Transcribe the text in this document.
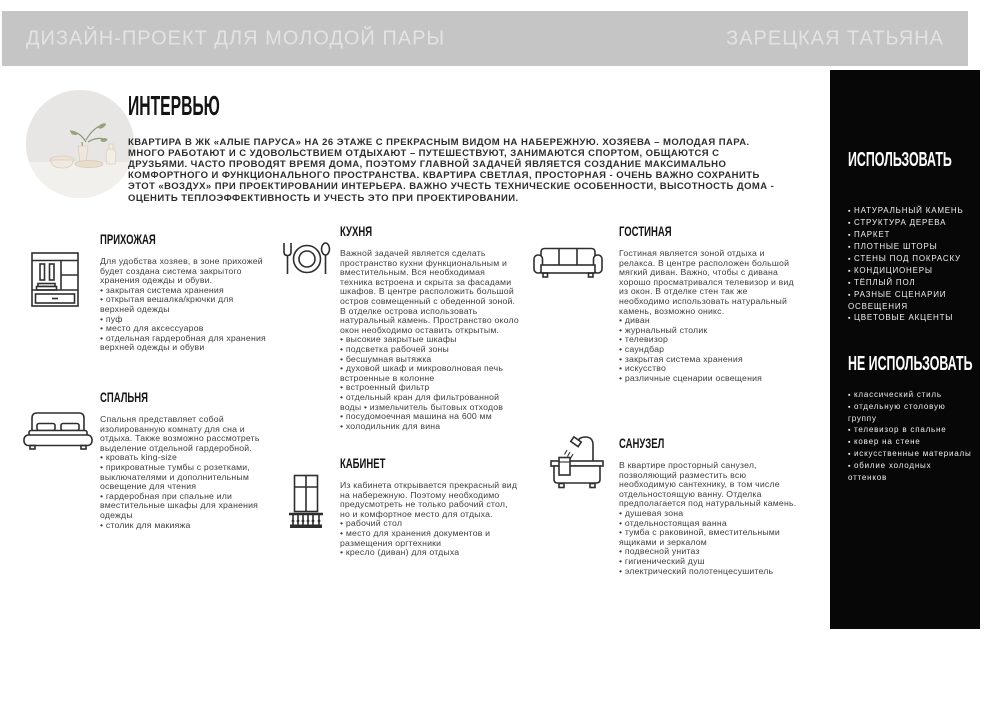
ДИЗАЙН-ПРОЕКТ ДЛЯ МОЛОДОЙ ПАРЫ	ЗАРЕЦКАЯ ТАТЬЯНА
ИНТЕРВЬЮ

КВАРТИРА В ЖК «АЛЫЕ ПАРУСА» НА 26 ЭТАЖЕ С ПРЕКРАСНЫМ ВИДОМ НА НАБЕРЕЖНУЮ. ХОЗЯЕВА – МОЛОДАЯ ПАРА. МНОГО РАБОТАЮТ И С УДОВОЛЬСТВИЕМ ОТДЫХАЮТ – ПУТЕШЕСТВУЮТ, ЗАНИМАЮТСЯ СПОРТОМ, ОБЩАЮТСЯ С ДРУЗЬЯМИ. ЧАСТО ПРОВОДЯТ ВРЕМЯ ДОМА, ПОЭТОМУ ГЛАВНОЙ ЗАДАЧЕЙ ЯВЛЯЕТСЯ СОЗДАНИЕ МАКСИМАЛЬНО КОМФОРТНОГО И ФУНКЦИОНАЛЬНОГО ПРОСТРАНСТВА. КВАРТИРА СВЕТЛАЯ, ПРОСТОРНАЯ - ОЧЕНЬ ВАЖНО СОХРАНИТЬ ЭТОТ «ВОЗДУХ» ПРИ ПРОЕКТИРОВАНИИ ИНТЕРЬЕРА. ВАЖНО УЧЕСТЬ ТЕХНИЧЕСКИЕ ОСОБЕННОСТИ, ВЫСОТНОСТЬ ДОМА - ОЦЕНИТЬ ТЕПЛОЭФФЕКТИВНОСТЬ И УЧЕСТЬ ЭТО ПРИ ПРОЕКТИРОВАНИИ.

ПРИХОЖАЯ

Для удобства хозяев, в зоне прихожей будет создана система закрытого хранения одежды и обуви.

• закрытая система хранения
• открытая вешалка/крючки для верхней одежды
• пуф
• место для аксессуаров
• отдельная гардеробная для хранения верхней одежды и обуви
СПАЛЬНЯ

Спальня представляет собой изолированную комнату для сна и отдыха. Также возможно рассмотреть выделение отдельной гардеробной.

• кровать king-size
• прикроватные тумбы с розетками, выключателями и дополнительным освещение для чтения
• гардеробная при спальне или вместительные шкафы для хранения одежды
• столик для макияжа
КУХНЯ

Важной задачей является сделать пространство кухни функциональным и вместительным. Вся необходимая техника встроена и скрыта за фасадами шкафов. В центре расположить большой остров совмещенный с обеденной зоной. В отделке острова использовать натуральный камень. Пространство около окон необходимо оставить открытым.

• высокие закрытые шкафы
• подсветка рабочей зоны
• бесшумная вытяжка
• духовой шкаф и микроволновая печь встроенные в колонне
• встроенный фильтр
• отдельный кран для фильтрованной воды • измельчитель бытовых отходов
• посудомоечная машина на 600 мм
• холодильник для вина
КАБИНЕТ

Из кабинета открывается прекрасный вид на набережную. Поэтому необходимо предусмотреть не только рабочий стол, но и комфортное место для отдыха.

• рабочий стол
• место для хранения документов и размещения оргтехники
• кресло (диван) для отдыха
ГОСТИНАЯ

Гостиная является зоной отдыха и релакса. В центре расположен большой мягкий диван. Важно, чтобы с дивана хорошо просматривался телевизор и вид из окон. В отделке стен так же необходимо использовать натуральный камень, возможно оникс.

• диван
• журнальный столик
• телевизор
• саундбар
• закрытая система хранения
• искусство
• различные сценарии освещения
САНУЗЕЛ

В квартире просторный санузел, позволяющий разместить всю необходимую сантехнику, в том числе отдельностоящую ванну. Отделка предполагается под натуральный камень.

• душевая зона
• отдельностоящая ванна
• тумба с раковиной, вместительными ящиками и зеркалом
• подвесной унитаз
• гигиенический душ
• электрический полотенцесушитель
ИСПОЛЬЗОВАТЬ
▪ НАТУРАЛЬНЫЙ КАМЕНЬ
▪ СТРУКТУРА ДЕРЕВА
▪ ПАРКЕТ
▪ ПЛОТНЫЕ ШТОРЫ
▪ СТЕНЫ ПОД ПОКРАСКУ
▪ КОНДИЦИОНЕРЫ
▪ ТЁПЛЫЙ ПОЛ
▪ РАЗНЫЕ СЦЕНАРИИ ОСВЕЩЕНИЯ
▪ ЦВЕТОВЫЕ АКЦЕНТЫ
НЕ ИСПОЛЬЗОВАТЬ
▪ классический стиль
▪ отдельную столовую группу
▪ телевизор в спальне
▪ ковер на стене
▪ искусственные материалы
▪ обилие холодных оттенков
